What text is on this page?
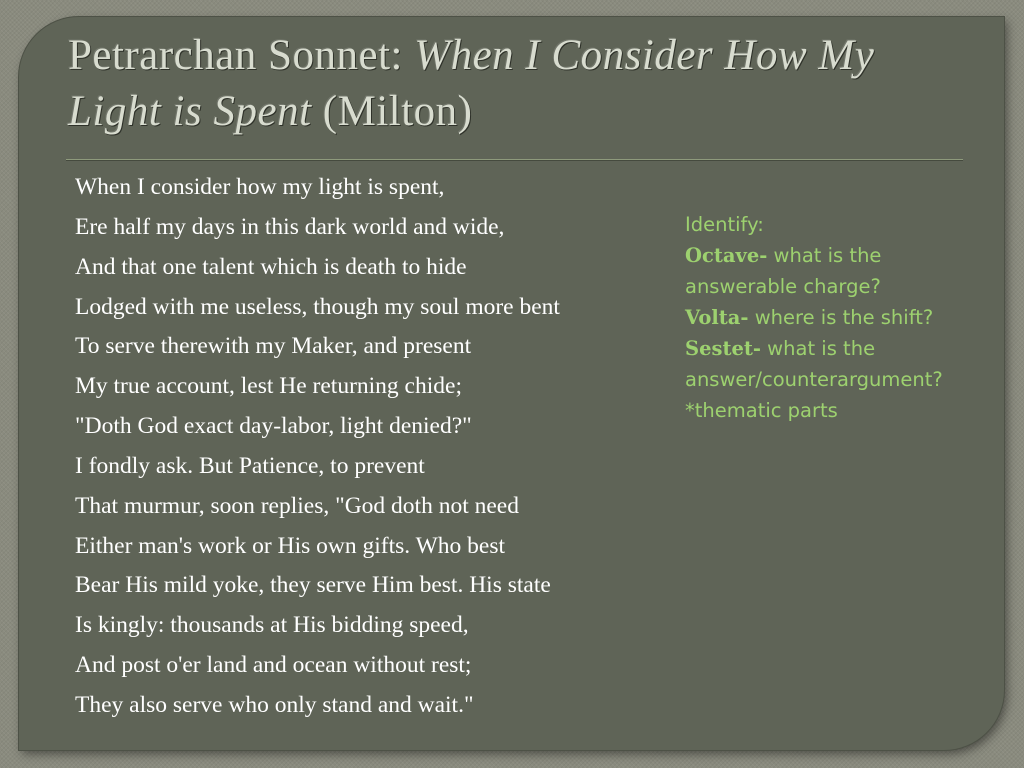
Petrarchan Sonnet: When I Consider How My Light is Spent (Milton)
When I consider how my light is spent,
Ere half my days in this dark world and wide,
And that one talent which is death to hide
Lodged with me useless, though my soul more bent
To serve therewith my Maker, and present
My true account, lest He returning chide;
"Doth God exact day-labor, light denied?"
I fondly ask. But Patience, to prevent
That murmur, soon replies, "God doth not need
Either man's work or His own gifts. Who best
Bear His mild yoke, they serve Him best. His state
Is kingly: thousands at His bidding speed,
And post o'er land and ocean without rest;
They also serve who only stand and wait."
Identify:
Octave- what is the
answerable charge?
Volta- where is the shift?
Sestet- what is the
answer/counterargument?
*thematic parts
